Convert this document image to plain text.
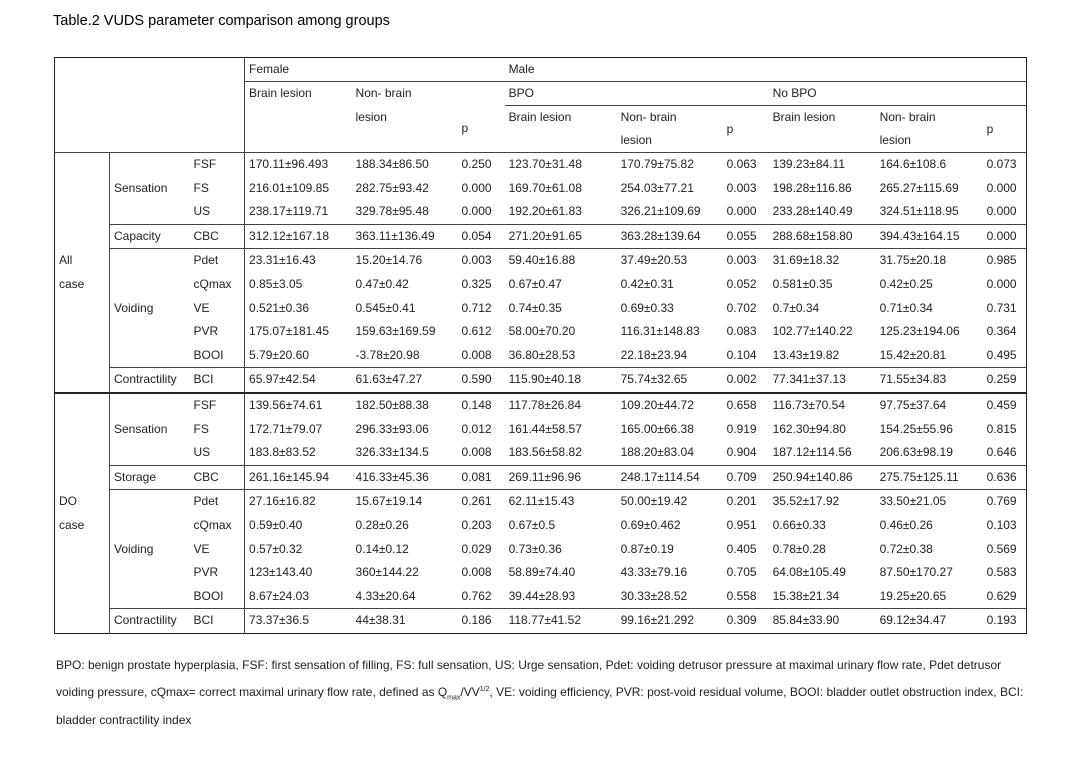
Table.2 VUDS parameter comparison among groups
			Female			Male					
			Brain lesion	Non- brain		BPO			No BPO		
				lesion	p	Brain lesion	Non- brain	p	Brain lesion	Non- brain	p
							lesion			lesion	
		FSF	170.11±96.493	188.34±86.50	0.250	123.70±31.48	170.79±75.82	0.063	139.23±84.11	164.6±108.6	0.073
	Sensation	FS	216.01±109.85	282.75±93.42	0.000	169.70±61.08	254.03±77.21	0.003	198.28±116.86	265.27±115.69	0.000
		US	238.17±119.71	329.78±95.48	0.000	192.20±61.83	326.21±109.69	0.000	233.28±140.49	324.51±118.95	0.000
	Capacity	CBC	312.12±167.18	363.11±136.49	0.054	271.20±91.65	363.28±139.64	0.055	288.68±158.80	394.43±164.15	0.000
All		Pdet	23.31±16.43	15.20±14.76	0.003	59.40±16.88	37.49±20.53	0.003	31.69±18.32	31.75±20.18	0.985
case		cQmax	0.85±3.05	0.47±0.42	0.325	0.67±0.47	0.42±0.31	0.052	0.581±0.35	0.42±0.25	0.000
	Voiding	VE	0.521±0.36	0.545±0.41	0.712	0.74±0.35	0.69±0.33	0.702	0.7±0.34	0.71±0.34	0.731
		PVR	175.07±181.45	159.63±169.59	0.612	58.00±70.20	116.31±148.83	0.083	102.77±140.22	125.23±194.06	0.364
		BOOI	5.79±20.60	-3.78±20.98	0.008	36.80±28.53	22.18±23.94	0.104	13.43±19.82	15.42±20.81	0.495
	Contractility	BCI	65.97±42.54	61.63±47.27	0.590	115.90±40.18	75.74±32.65	0.002	77.341±37.13	71.55±34.83	0.259
		FSF	139.56±74.61	182.50±88.38	0.148	117.78±26.84	109.20±44.72	0.658	116.73±70.54	97.75±37.64	0.459
	Sensation	FS	172.71±79.07	296.33±93.06	0.012	161.44±58.57	165.00±66.38	0.919	162.30±94.80	154.25±55.96	0.815
		US	183.8±83.52	326.33±134.5	0.008	183.56±58.82	188.20±83.04	0.904	187.12±114.56	206.63±98.19	0.646
	Storage	CBC	261.16±145.94	416.33±45.36	0.081	269.11±96.96	248.17±114.54	0.709	250.94±140.86	275.75±125.11	0.636
DO		Pdet	27.16±16.82	15.67±19.14	0.261	62.11±15.43	50.00±19.42	0.201	35.52±17.92	33.50±21.05	0.769
case		cQmax	0.59±0.40	0.28±0.26	0.203	0.67±0.5	0.69±0.462	0.951	0.66±0.33	0.46±0.26	0.103
	Voiding	VE	0.57±0.32	0.14±0.12	0.029	0.73±0.36	0.87±0.19	0.405	0.78±0.28	0.72±0.38	0.569
		PVR	123±143.40	360±144.22	0.008	58.89±74.40	43.33±79.16	0.705	64.08±105.49	87.50±170.27	0.583
		BOOI	8.67±24.03	4.33±20.64	0.762	39.44±28.93	30.33±28.52	0.558	15.38±21.34	19.25±20.65	0.629
	Contractility	BCI	73.37±36.5	44±38.31	0.186	118.77±41.52	99.16±21.292	0.309	85.84±33.90	69.12±34.47	0.193
BPO: benign prostate hyperplasia, FSF: first sensation of filling, FS: full sensation, US: Urge sensation, Pdet: voiding detrusor pressure at maximal urinary flow rate, Pdet detrusor voiding pressure, cQmax= correct maximal urinary flow rate, defined as $Q_{max}/VV^{1/2}$, VE: voiding efficiency, PVR: post-void residual volume, BOOI: bladder outlet obstruction index, BCI: bladder contractility index
